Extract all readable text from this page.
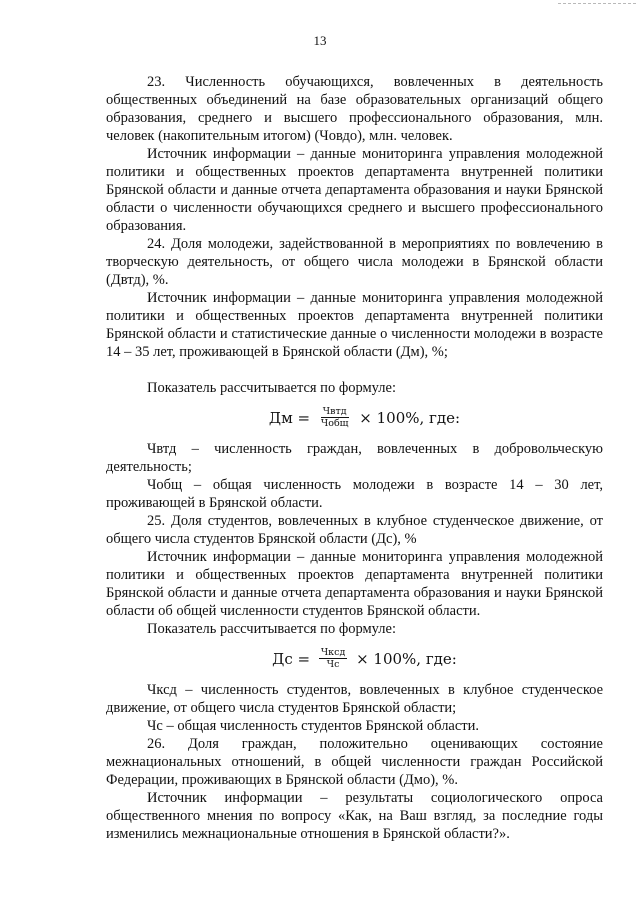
13

23. Численность обучающихся, вовлеченных в деятельность общественных объединений на базе образовательных организаций общего образования, среднего и высшего профессионального образования, млн. человек (накопительным итогом) (Човдо), млн. человек.

Источник информации – данные мониторинга управления молодежной политики и общественных проектов департамента внутренней политики Брянской области и данные отчета департамента образования и науки Брянской области о численности обучающихся среднего и высшего профессионального образования.

24. Доля молодежи, задействованной в мероприятиях по вовлечению в творческую деятельность, от общего числа молодежи в Брянской области (Двтд), %.

Источник информации – данные мониторинга управления молодежной политики и общественных проектов департамента внутренней политики Брянской области и статистические данные о численности молодежи в возрасте 14 – 35 лет, проживающей в Брянской области (Дм), %;

Показатель рассчитывается по формуле:

Дм = $\frac{\text{Чвтд}}{\text{Чобщ}} \times 100\%$, где:

Чвтд – численность граждан, вовлеченных в добровольческую деятельность;

Чобщ – общая численность молодежи в возрасте 14 – 30 лет, проживающей в Брянской области.

25. Доля студентов, вовлеченных в клубное студенческое движение, от общего числа студентов Брянской области (Дс), %

Источник информации – данные мониторинга управления молодежной политики и общественных проектов департамента внутренней политики Брянской области и данные отчета департамента образования и науки Брянской области об общей численности студентов Брянской области.

Показатель рассчитывается по формуле:

Дс = $\frac{\text{Чксд}}{Чс} \times 100\%$, где:

Чксд – численность студентов, вовлеченных в клубное студенческое движение, от общего числа студентов Брянской области;

Чс – общая численность студентов Брянской области.

26. Доля граждан, положительно оценивающих состояние межнациональных отношений, в общей численности граждан Российской Федерации, проживающих в Брянской области (Дмо), %.

Источник информации – результаты социологического опроса общественного мнения по вопросу «Как, на Ваш взгляд, за последние годы изменились межнациональные отношения в Брянской области?».
